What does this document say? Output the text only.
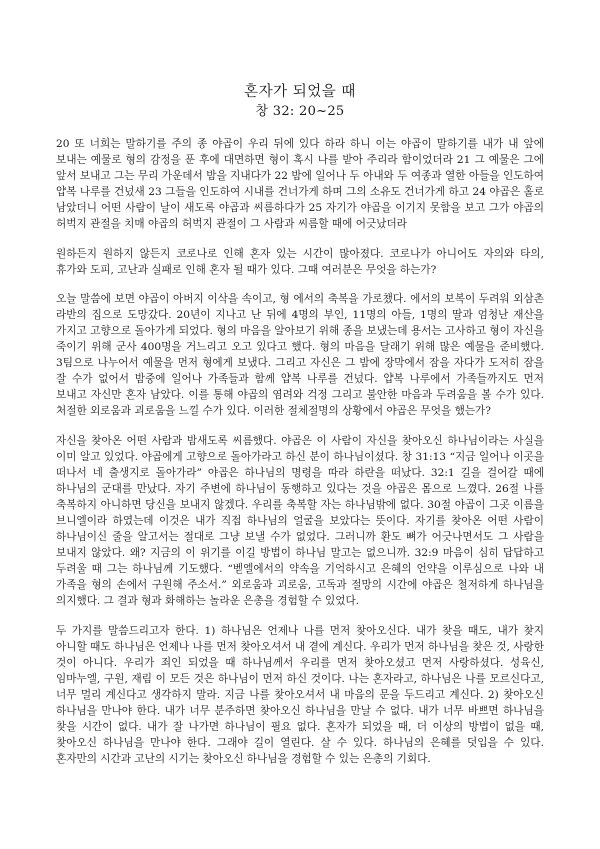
혼자가 되었을 때
창 32: 20~25

20 또 너희는 말하기를 주의 종 야곱이 우리 뒤에 있다 하라 하니 이는 야곱이 말하기를 내가 내 앞에 보내는 예물로 형의 감정을 푼 후에 대면하면 형이 혹시 나를 받아 주리라 함이었더라 21 그 예물은 그에 앞서 보내고 그는 무리 가운데서 밤을 지내다가 22 밤에 일어나 두 아내와 두 여종과 열한 아들을 인도하여 얍복 나루를 건넜새 23 그들을 인도하여 시내를 건너가게 하며 그의 소유도 건너가게 하고 24 야곱은 홀로 남았더니 어떤 사람이 날이 새도록 야곱과 씨름하다가 25 자기가 야곱을 이기지 못함을 보고 그가 야곱의 허벅지 관절을 치매 야곱의 허벅지 관절이 그 사람과 씨름할 때에 어긋났더라

원하든지 원하지 않든지 코로나로 인해 혼자 있는 시간이 많아졌다. 코로나가 아니어도 자의와 타의, 휴가와 도피, 고난과 실패로 인해 혼자 될 때가 있다. 그때 여러분은 무엇을 하는가?

오늘 말씀에 보면 야곱이 아버지 이삭을 속이고, 형 에서의 축복을 가로챘다. 에서의 보복이 두려워 외삼촌 라반의 집으로 도망갔다. 20년이 지나고 난 뒤에 4명의 부인, 11명의 아들, 1명의 딸과 엄청난 재산을 가지고 고향으로 돌아가게 되었다. 형의 마음을 알아보기 위해 종을 보냈는데 용서는 고사하고 형이 자신을 죽이기 위해 군사 400명을 거느리고 오고 있다고 했다. 형의 마음을 달래기 위해 많은 예물을 준비했다. 3팀으로 나누어서 예물을 먼저 형에게 보냈다. 그리고 자신은 그 밤에 장막에서 잠을 자다가 도저히 잠을 잘 수가 없어서 밤중에 일어나 가족들과 함께 얍복 나루를 건넜다. 얍복 나루에서 가족들까지도 먼저 보내고 자신만 혼자 남았다. 이를 통해 야곱의 염려와 걱정 그리고 불안한 마음과 두려움을 볼 수가 있다. 처절한 외로움과 괴로움을 느낄 수가 있다. 이러한 절체절명의 상황에서 야곱은 무엇을 했는가?

자신을 찾아온 어떤 사람과 밤새도록 씨름했다. 야곱은 이 사람이 자신을 찾아오신 하나님이라는 사실을 이미 알고 있었다. 야곱에게 고향으로 돌아가라고 하신 분이 하나님이셨다. 창 31:13 “지금 일어나 이곳을 떠나서 네 출생지로 돌아가라” 야곱은 하나님의 명령을 따라 하란을 떠났다. 32:1 길을 걸어갈 때에 하나님의 군대를 만났다. 자기 주변에 하나님이 동행하고 있다는 것을 야곱은 몸으로 느꼈다. 26절 나를 축복하지 아니하면 당신을 보내지 않겠다. 우리를 축복할 자는 하나님밖에 없다. 30절 야곱이 그곳 이름을 브니엘이라 하였는데 이것은 내가 직접 하나님의 얼굴을 보았다는 뜻이다. 자기를 찾아온 어떤 사람이 하나님이신 줄을 알고서는 절대로 그냥 보낼 수가 없었다. 그러니까 환도 뼈가 어긋나면서도 그 사람을 보내지 않았다. 왜? 지금의 이 위기를 이길 방법이 하나님 말고는 없으니까. 32:9 마음이 심히 답답하고 두려울 때 그는 하나님께 기도했다. “벧엘에서의 약속을 기억하시고 은혜의 언약을 이루심으로 나와 내 가족을 형의 손에서 구원해 주소서.” 외로움과 괴로움, 고독과 절망의 시간에 야곱은 철저하게 하나님을 의지했다. 그 결과 형과 화해하는 놀라운 은총을 경험할 수 있었다.

두 가지를 말씀드리고자 한다. 1) 하나님은 언제나 나를 먼저 찾아오신다. 내가 찾을 때도, 내가 찾지 아니할 때도 하나님은 언제나 나를 먼저 찾아오셔서 내 곁에 계신다. 우리가 먼저 하나님을 찾은 것, 사랑한 것이 아니다. 우리가 죄인 되었을 때 하나님께서 우리를 먼저 찾아오셨고 먼저 사랑하셨다. 성육신, 임마누엘, 구원, 재림 이 모든 것은 하나님이 먼저 하신 것이다. 나는 혼자라고, 하나님은 나를 모르신다고, 너무 멀리 계신다고 생각하지 말라. 지금 나를 찾아오셔서 내 마음의 문을 두드리고 계신다. 2) 찾아오신 하나님을 만나야 한다. 내가 너무 분주하면 찾아오신 하나님을 만날 수 없다. 내가 너무 바쁘면 하나님을 찾을 시간이 없다. 내가 잘 나가면 하나님이 필요 없다. 혼자가 되었을 때, 더 이상의 방법이 없을 때, 찾아오신 하나님을 만나야 한다. 그래야 길이 열린다. 살 수 있다. 하나님의 은혜를 덧입을 수 있다. 혼자만의 시간과 고난의 시기는 찾아오신 하나님을 경험할 수 있는 은총의 기회다.
